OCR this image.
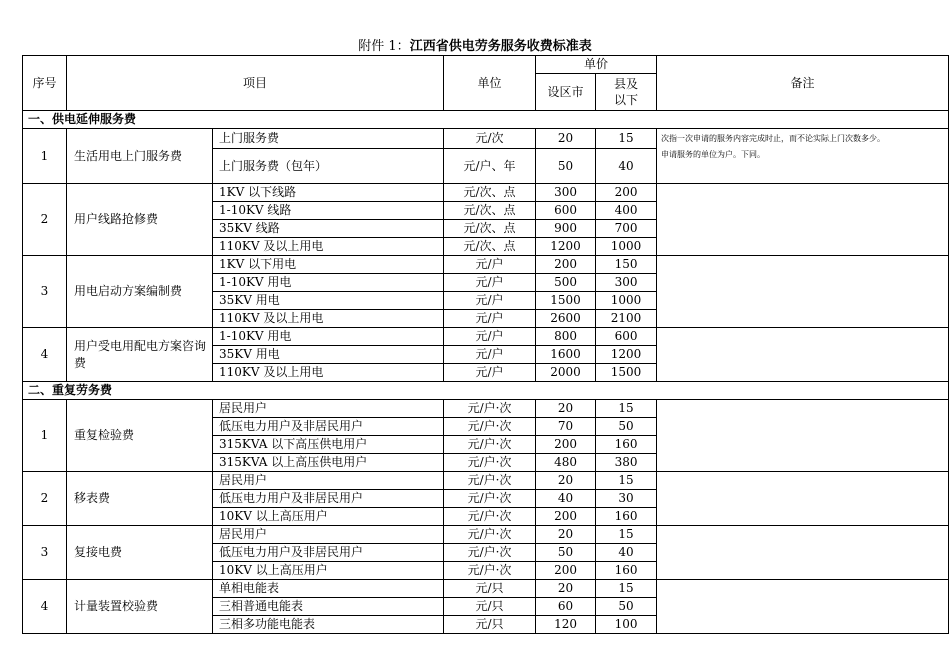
附件 1：江西省供电劳务服务收费标准表
序号	项目		单位	单价		备注
				设区市	县及
以下	

一、供电延伸服务费						
1	生活用电上门服务费	上门服务费	元/次	20	15	次指一次申请的服务内容完成时止，而不论实际上门次数多少。
申请服务的单位为户。下同。

		上门服务费（包年）	元/户、年	50	40	
2	用户线路抢修费	1KV 以下线路	元/次、点	300	200	
		1-10KV 线路	元/次、点	600	400	
		35KV 线路	元/次、点	900	700	
		110KV 及以上用电	元/次、点	1200	1000	
3	用电启动方案编制费	1KV 以下用电	元/户	200	150	
		1-10KV 用电	元/户	500	300	
		35KV 用电	元/户	1500	1000	
		110KV 及以上用电	元/户	2600	2100	
4	用户受电用配电方案咨询费	1-10KV 用电	元/户	800	600	
		35KV 用电	元/户	1600	1200	
		110KV 及以上用电	元/户	2000	1500	
二、重复劳务费						
1	重复检验费	居民用户	元/户·次	20	15	
		低压电力用户及非居民用户	元/户·次	70	50	
		315KVA 以下高压供电用户	元/户·次	200	160	
		315KVA 以上高压供电用户	元/户·次	480	380	
2	移表费	居民用户	元/户·次	20	15	
		低压电力用户及非居民用户	元/户·次	40	30	
		10KV 以上高压用户	元/户·次	200	160	
3	复接电费	居民用户	元/户·次	20	15	
		低压电力用户及非居民用户	元/户·次	50	40	
		10KV 以上高压用户	元/户·次	200	160	
4	计量装置校验费	单相电能表	元/只	20	15	
		三相普通电能表	元/只	60	50	
		三相多功能电能表	元/只	120	100	
